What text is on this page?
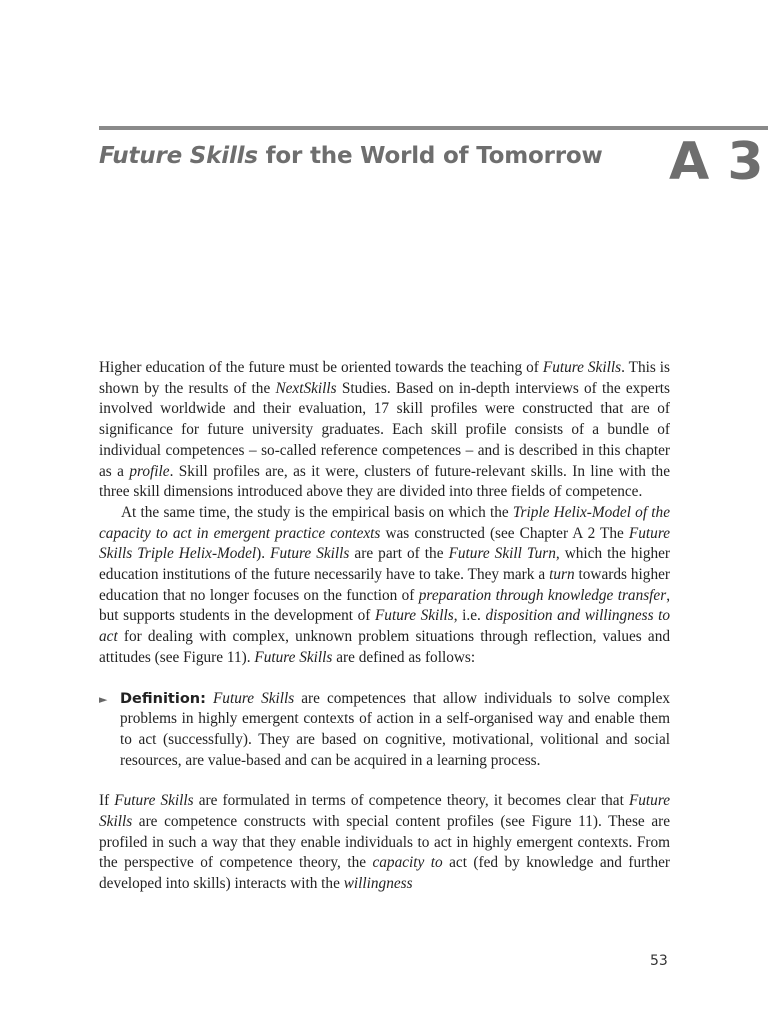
Future Skills for the World of Tomorrow A 3

Higher education of the future must be oriented towards the teaching of Future Skills. This is shown by the results of the NextSkills Studies. Based on in-depth interviews of the experts involved worldwide and their evaluation, 17 skill profiles were constructed that are of significance for future university graduates. Each skill profile consists of a bundle of individual competences – so-called reference competences – and is described in this chapter as a profile. Skill profiles are, as it were, clusters of future-relevant skills. In line with the three skill dimensions introduced above they are divided into three fields of competence.

At the same time, the study is the empirical basis on which the Triple Helix-Model of the capacity to act in emergent practice contexts was constructed (see Chapter A 2 The Future Skills Triple Helix-Model). Future Skills are part of the Future Skill Turn, which the higher education institutions of the future necessarily have to take. They mark a turn towards higher education that no longer focuses on the function of preparation through knowledge transfer, but supports students in the development of Future Skills, i.e. disposition and willingness to act for dealing with complex, unknown problem situations through reflection, values and attitudes (see Figure 11). Future Skills are defined as follows:

► Definition: Future Skills are competences that allow individuals to solve complex problems in highly emergent contexts of action in a self-organised way and enable them to act (successfully). They are based on cognitive, motivational, volitional and social resources, are value-based and can be acquired in a learning process.

If Future Skills are formulated in terms of competence theory, it becomes clear that Future Skills are competence constructs with special content profiles (see Figure 11). These are profiled in such a way that they enable individuals to act in highly emergent contexts. From the perspective of competence theory, the capacity to act (fed by knowledge and further developed into skills) interacts with the willingness

53
